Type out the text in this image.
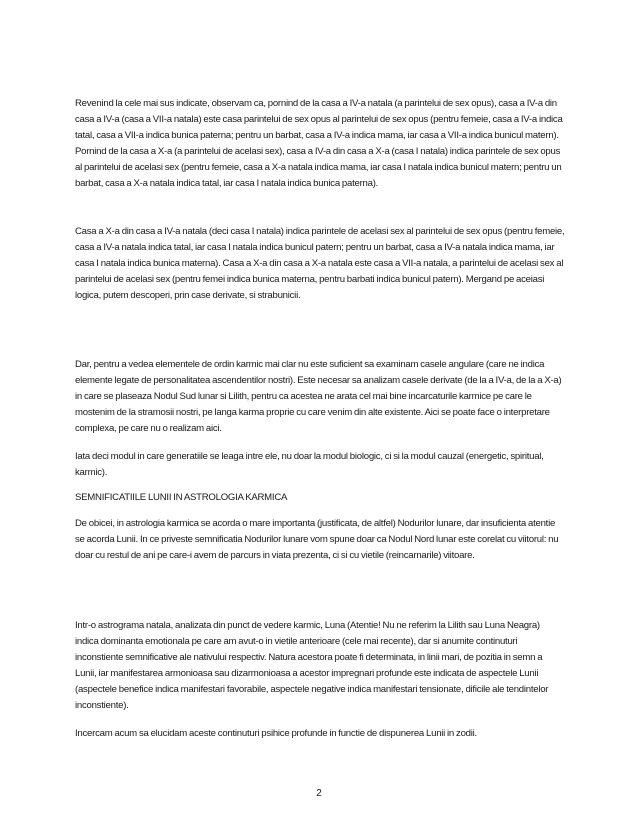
Revenind la cele mai sus indicate, observam ca, pornind de la casa a IV-a natala (a parintelui de sex opus), casa a IV-a din casa a IV-a (casa a VII-a natala) este casa parintelui de sex opus al parintelui de sex opus (pentru femeie, casa a IV-a indica tatal, casa a VII-a indica bunica paterna; pentru un barbat, casa a IV-a indica mama, iar casa a VII-a indica bunicul matern). Pornind de la casa a X-a (a parintelui de acelasi sex), casa a IV-a din casa a X-a (casa I natala) indica parintele de sex opus al parintelui de acelasi sex (pentru femeie, casa a X-a natala indica mama, iar casa I natala indica bunicul matern; pentru un barbat, casa a X-a natala indica tatal, iar casa I natala indica bunica paterna).

Casa a X-a din casa a IV-a natala (deci casa I natala) indica parintele de acelasi sex al parintelui de sex opus (pentru femeie, casa a IV-a natala indica tatal, iar casa I natala indica bunicul patern; pentru un barbat, casa a IV-a natala indica mama, iar casa I natala indica bunica materna). Casa a X-a din casa a X-a natala este casa a VII-a natala, a parintelui de acelasi sex al parintelui de acelasi sex (pentru femei indica bunica materna, pentru barbati indica bunicul patern). Mergand pe aceiasi logica, putem descoperi, prin case derivate, si strabunicii.

Dar, pentru a vedea elementele de ordin karmic mai clar nu este suficient sa examinam casele angulare (care ne indica elemente legate de personalitatea ascendentilor nostri). Este necesar sa analizam casele derivate (de la a IV-a, de la a X-a) in care se plaseaza Nodul Sud lunar si Lilith, pentru ca acestea ne arata cel mai bine incarcaturile karmice pe care le mostenim de la stramosii nostri, pe langa karma proprie cu care venim din alte existente. Aici se poate face o interpretare complexa, pe care nu o realizam aici.

Iata deci modul in care generatiile se leaga intre ele, nu doar la modul biologic, ci si la modul cauzal (energetic, spiritual, karmic).

SEMNIFICATIILE LUNII IN ASTROLOGIA KARMICA

De obicei, in astrologia karmica se acorda o mare importanta (justificata, de altfel) Nodurilor lunare, dar insuficienta atentie se acorda Lunii. In ce priveste semnificatia Nodurilor lunare vom spune doar ca Nodul Nord lunar este corelat cu viitorul: nu doar cu restul de ani pe care-i avem de parcurs in viata prezenta, ci si cu vietile (reincarnarile) viitoare.

Intr-o astrograma natala, analizata din punct de vedere karmic, Luna (Atentie! Nu ne referim la Lilith sau Luna Neagra) indica dominanta emotionala pe care am avut-o in vietile anterioare (cele mai recente), dar si anumite continuturi inconstiente semnificative ale nativului respectiv. Natura acestora poate fi determinata, in linii mari, de pozitia in semn a Lunii, iar manifestarea armonioasa sau dizarmonioasa a acestor impregnari profunde este indicata de aspectele Lunii (aspectele benefice indica manifestari favorabile, aspectele negative indica manifestari tensionate, dificile ale tendintelor inconstiente).

Incercam acum sa elucidam aceste continuturi psihice profunde in functie de dispunerea Lunii in zodii.

2
